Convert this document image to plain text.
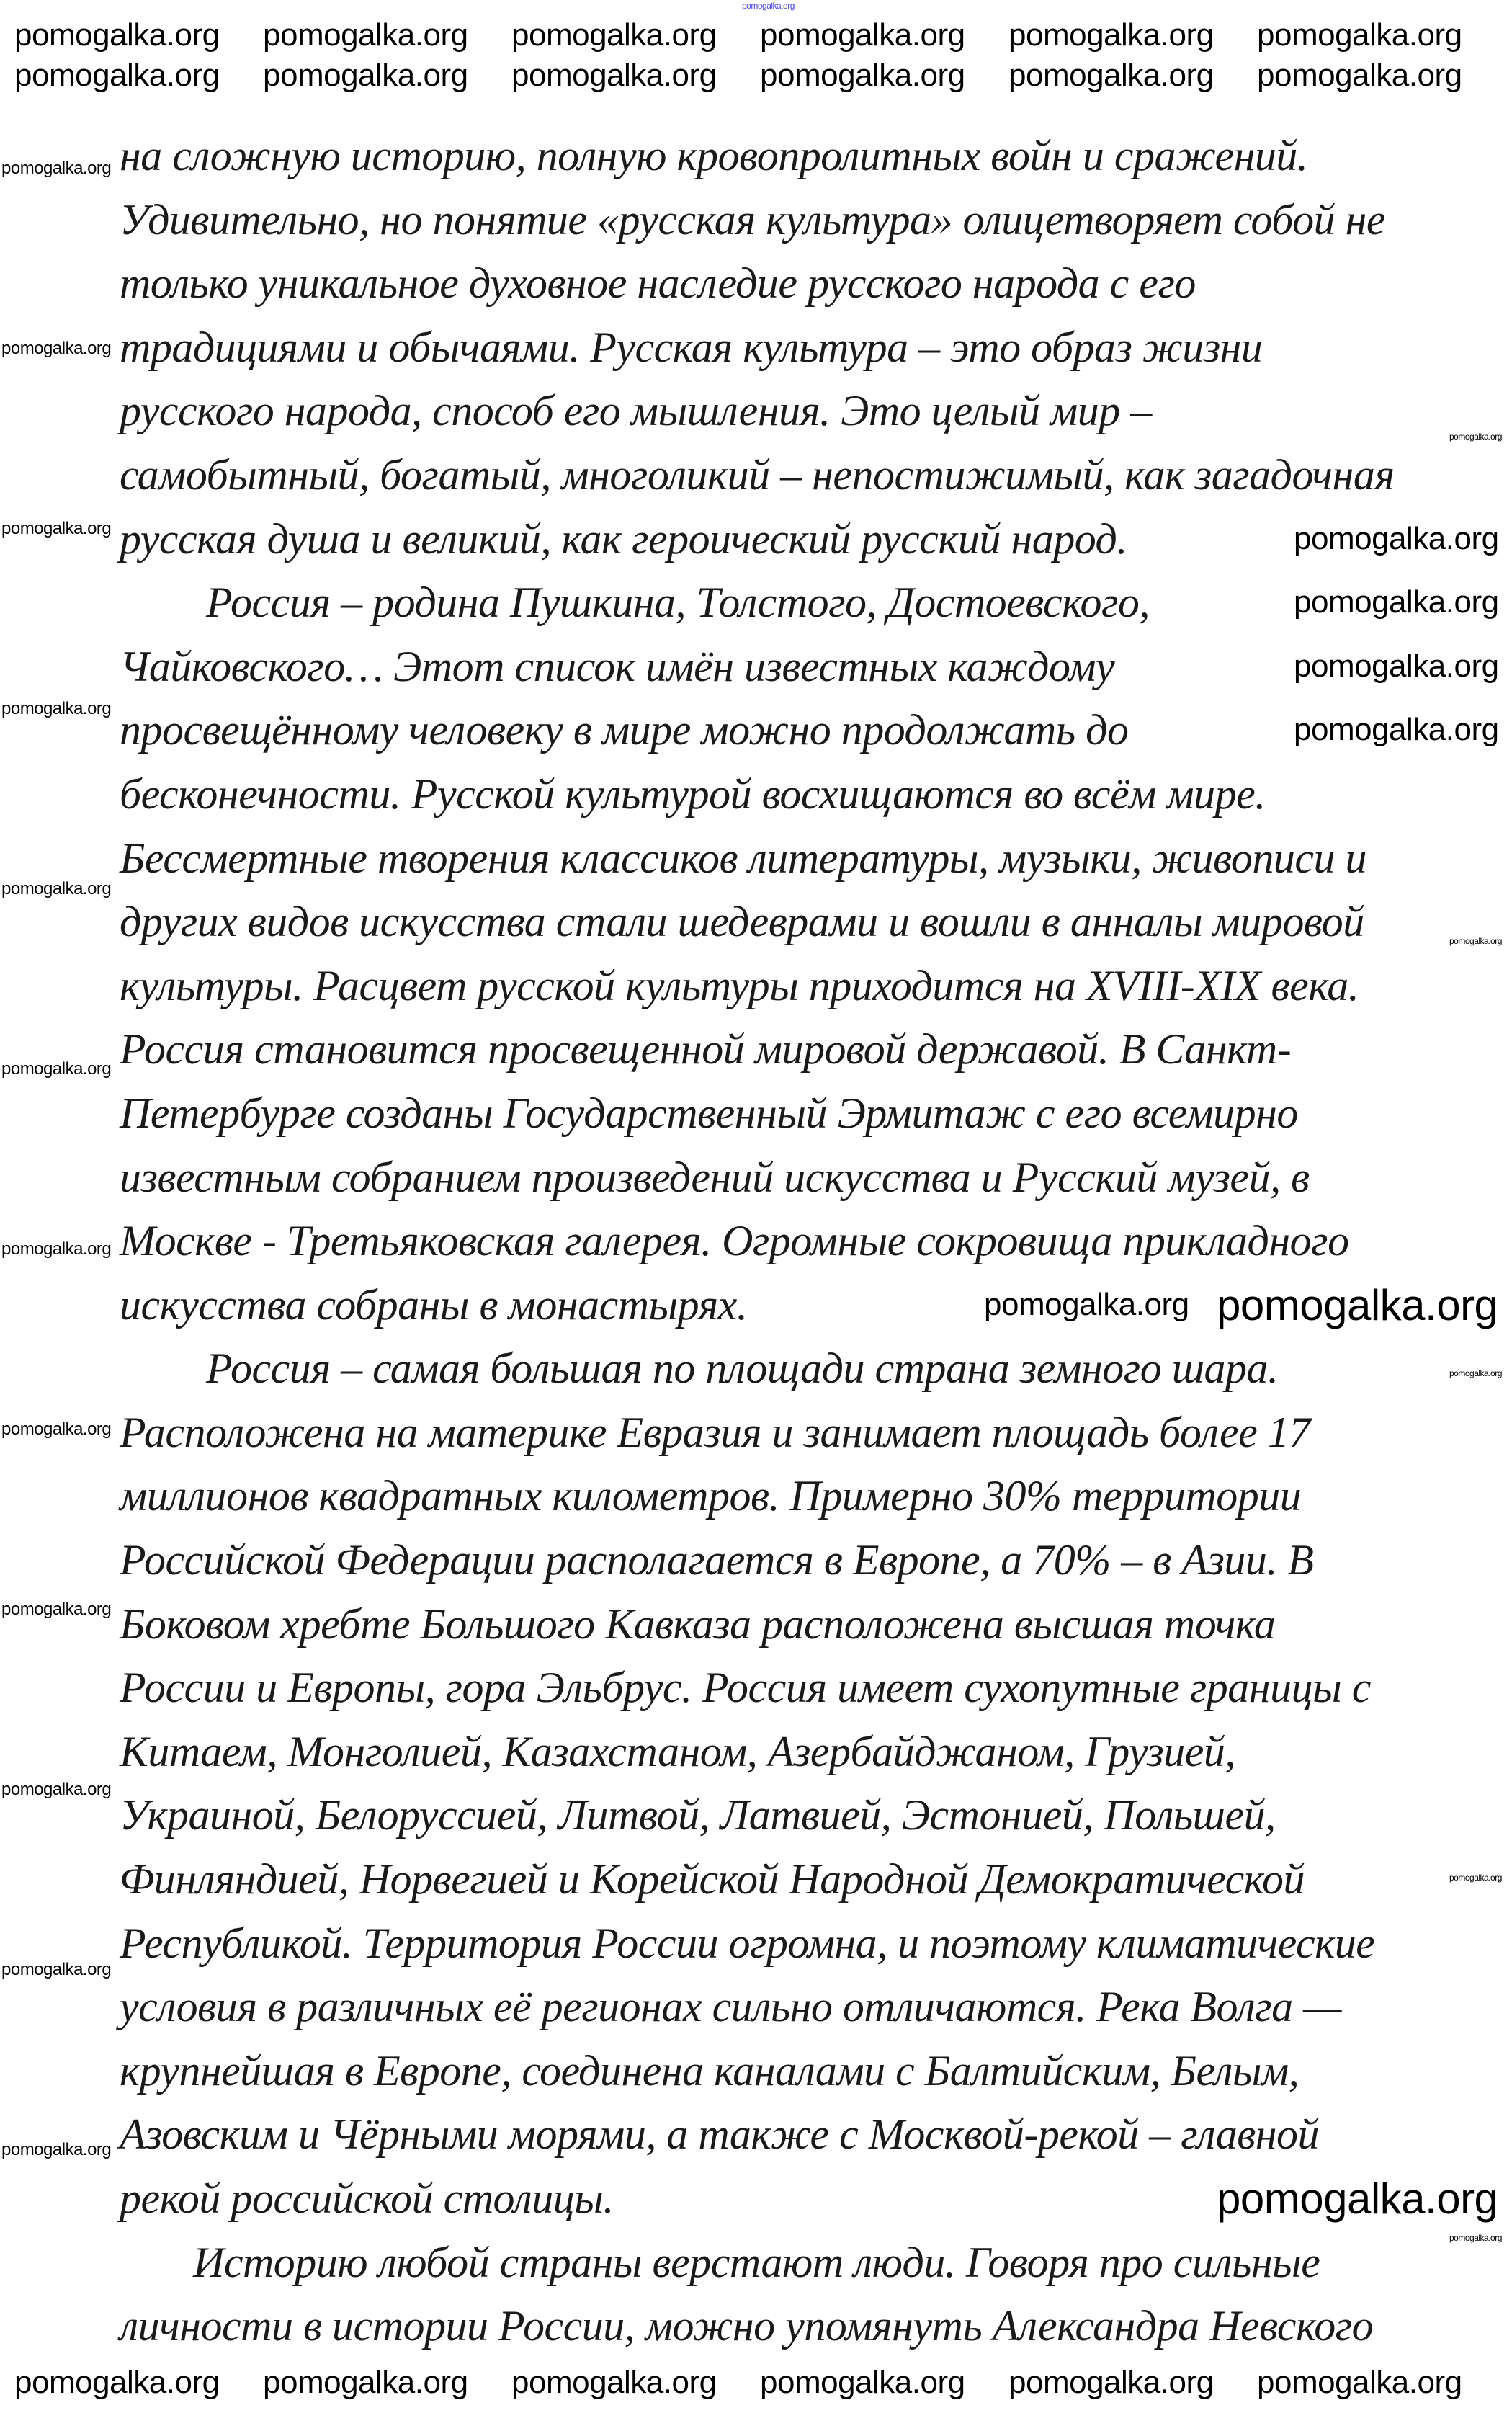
на сложную историю, полную кровопролитных войн и сражений.
Удивительно, но понятие «русская культура» олицетворяет собой не
только уникальное духовное наследие русского народа с его
традициями и обычаями. Русская культура – это образ жизни
русского народа, способ его мышления. Это целый мир –
самобытный, богатый, многоликий – непостижимый, как загадочная
русская душа и великий, как героический русский народ.
Россия – родина Пушкина, Толстого, Достоевского,
Чайковского… Этот список имён известных каждому
просвещённому человеку в мире можно продолжать до
бесконечности. Русской культурой восхищаются во всём мире.
Бессмертные творения классиков литературы, музыки, живописи и
других видов искусства стали шедеврами и вошли в анналы мировой
культуры. Расцвет русской культуры приходится на XVIII-XIX века.
Россия становится просвещенной мировой державой. В Санкт-
Петербурге созданы Государственный Эрмитаж с его всемирно
известным собранием произведений искусства и Русский музей, в
Москве - Третьяковская галерея. Огромные сокровища прикладного
искусства собраны в монастырях.
Россия – самая большая по площади страна земного шара.
Расположена на материке Евразия и занимает площадь более 17
миллионов квадратных километров. Примерно 30% территории
Российской Федерации располагается в Европе, а 70% – в Азии. В
Боковом хребте Большого Кавказа расположена высшая точка
России и Европы, гора Эльбрус. Россия имеет сухопутные границы с
Китаем, Монголией, Казахстаном, Азербайджаном, Грузией,
Украиной, Белоруссией, Литвой, Латвией, Эстонией, Польшей,
Финляндией, Норвегией и Корейской Народной Демократической
Республикой. Территория России огромна, и поэтому климатические
условия в различных её регионах сильно отличаются. Река Волга —
крупнейшая в Европе, соединена каналами с Балтийским, Белым,
Азовским и Чёрными морями, а также с Москвой-рекой – главной
рекой российской столицы.
Историю любой страны верстают люди. Говоря про сильные
личности в истории России, можно упомянуть Александра Невского
pomogalka.org
pomogalka.org pomogalka.org pomogalka.org pomogalka.org pomogalka.org pomogalka.org
pomogalka.org pomogalka.org pomogalka.org pomogalka.org pomogalka.org pomogalka.org
pomogalka.org pomogalka.org pomogalka.org pomogalka.org pomogalka.org pomogalka.org
pomogalka.org
pomogalka.org
pomogalka.org
pomogalka.org
pomogalka.org
pomogalka.org
pomogalka.org
pomogalka.org
pomogalka.org
pomogalka.org
pomogalka.org
pomogalka.org
pomogalka.org
pomogalka.org
pomogalka.org
pomogalka.org
pomogalka.org
pomogalka.org
pomogalka.org
pomogalka.org
pomogalka.org
pomogalka.org
pomogalka.org
pomogalka.org
